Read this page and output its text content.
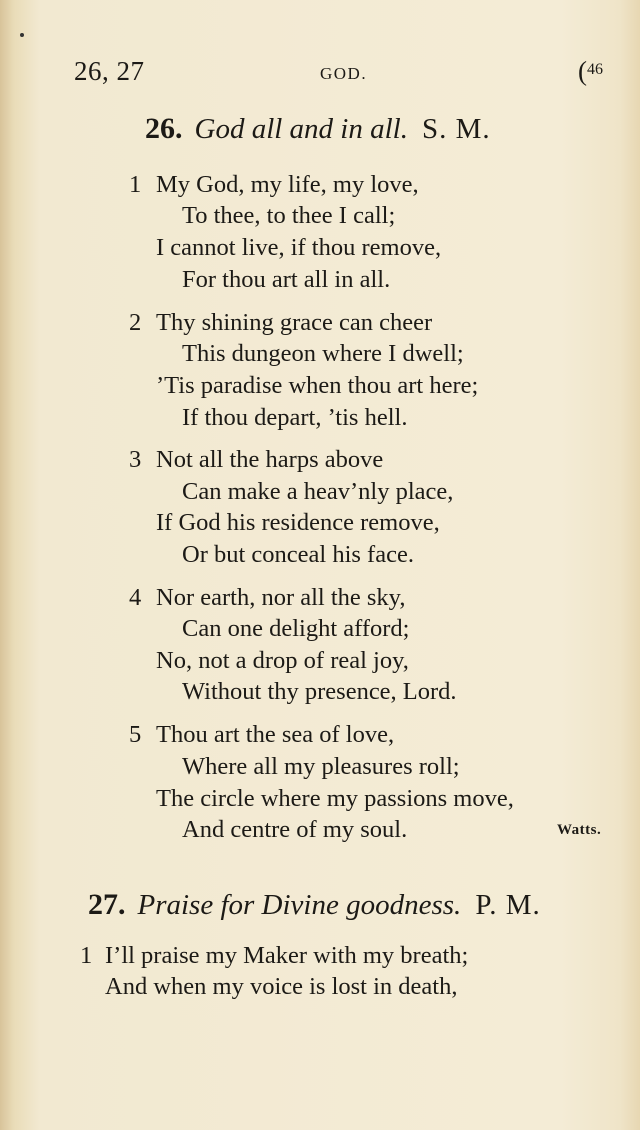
26, 27	GOD.	($^{46}$
26. God all and in all. S. M.
1 My God, my life, my love,
To thee, to thee I call;
I cannot live, if thou remove,
For thou art all in all.
2 Thy shining grace can cheer
This dungeon where I dwell;
’Tis paradise when thou art here;
If thou depart, ’tis hell.
3 Not all the harps above
Can make a heav’nly place,
If God his residence remove,
Or but conceal his face.
4 Nor earth, nor all the sky,
Can one delight afford;
No, not a drop of real joy,
Without thy presence, Lord.
5 Thou art the sea of love,
Where all my pleasures roll;
The circle where my passions move,
And centre of my soul.	Watts.
27. Praise for Divine goodness. P. M.
1 I’ll praise my Maker with my breath;
And when my voice is lost in death,
